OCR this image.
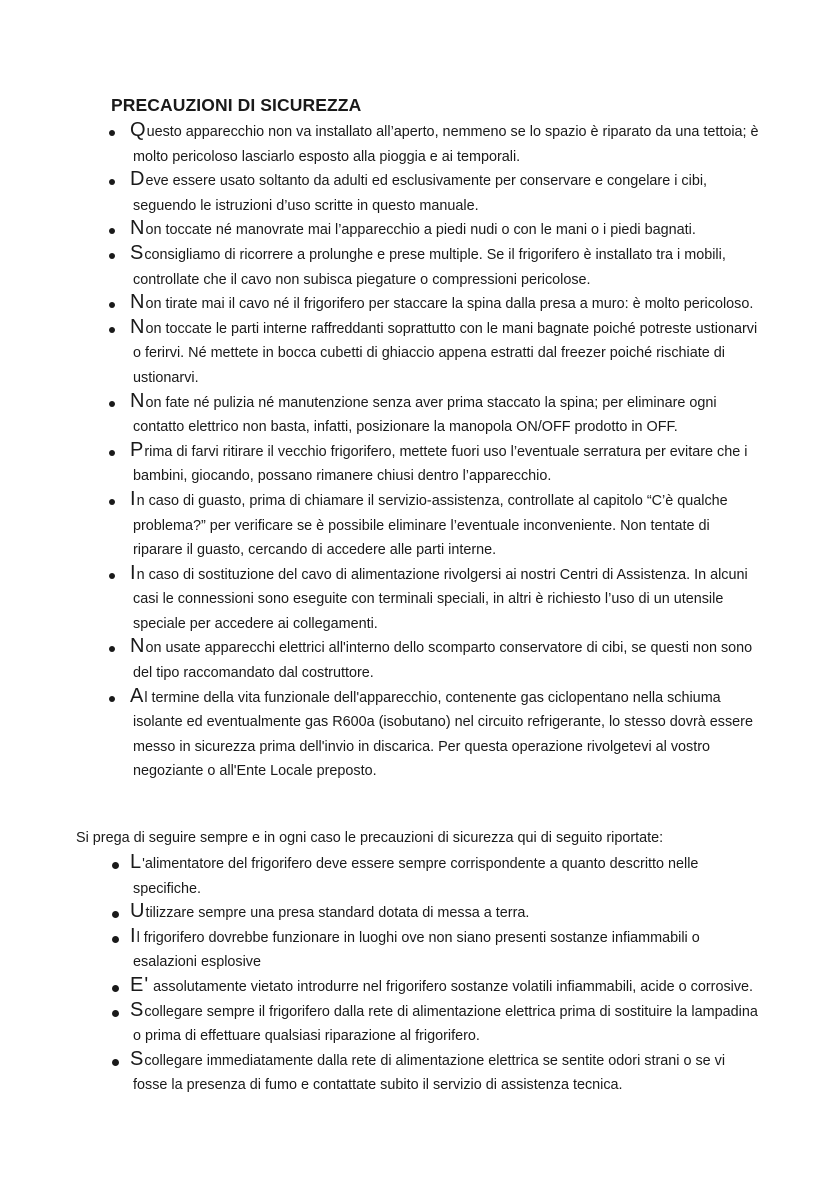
PRECAUZIONI DI SICUREZZA
Questo apparecchio non va installato all’aperto, nemmeno se lo spazio è riparato da una tettoia; è molto pericoloso lasciarlo esposto alla pioggia e ai temporali.
Deve essere usato soltanto da adulti ed esclusivamente per conservare e congelare i cibi, seguendo le istruzioni d’uso scritte in questo manuale.
Non toccate né manovrate mai l’apparecchio a piedi nudi o con le mani o i piedi bagnati.
Sconsigliamo di ricorrere a prolunghe e prese multiple. Se il frigorifero è installato tra i mobili, controllate che il cavo non subisca piegature o compressioni pericolose.
Non tirate mai il cavo né il frigorifero per staccare la spina dalla presa a muro: è molto pericoloso.
Non toccate le parti interne raffreddanti soprattutto con le mani bagnate poiché potreste ustionarvi o ferirvi. Né mettete in bocca cubetti di ghiaccio appena estratti dal freezer poiché rischiate di ustionarvi.
Non fate né pulizia né manutenzione senza aver prima staccato la spina; per eliminare ogni contatto elettrico non basta, infatti, posizionare la manopola ON/OFF prodotto in OFF.
Prima di farvi ritirare il vecchio frigorifero, mettete fuori uso l’eventuale serratura per evitare che i bambini, giocando, possano rimanere chiusi dentro l’apparecchio.
In caso di guasto, prima di chiamare il servizio-assistenza, controllate al capitolo “C’è qualche problema?” per verificare se è possibile eliminare l’eventuale inconveniente. Non tentate di riparare il guasto, cercando di accedere alle parti interne.
In caso di sostituzione del cavo di alimentazione rivolgersi ai nostri Centri di Assistenza. In alcuni casi le connessioni sono eseguite con terminali speciali, in altri è richiesto l’uso di un utensile speciale per accedere ai collegamenti.
Non usate apparecchi elettrici all'interno dello scomparto conservatore di cibi, se questi non sono del tipo raccomandato dal costruttore.
Al termine della vita funzionale dell'apparecchio, contenente gas ciclopentano nella schiuma isolante ed eventualmente gas R600a (isobutano) nel circuito refrigerante, lo stesso dovrà essere messo in sicurezza prima dell'invio in discarica. Per questa operazione rivolgetevi al vostro negoziante o all'Ente Locale preposto.

Si prega di seguire sempre e in ogni caso le precauzioni di sicurezza qui di seguito riportate:

L'alimentatore del frigorifero deve essere sempre corrispondente a quanto descritto nelle specifiche.
Utilizzare sempre una presa standard dotata di messa a terra.
Il frigorifero dovrebbe funzionare in luoghi ove non siano presenti sostanze infiammabili o esalazioni esplosive
E' assolutamente vietato introdurre nel frigorifero sostanze volatili infiammabili, acide o corrosive.
Scollegare sempre il frigorifero dalla rete di alimentazione elettrica prima di sostituire la lampadina o prima di effettuare qualsiasi riparazione al frigorifero.
Scollegare immediatamente dalla rete di alimentazione elettrica se sentite odori strani o se vi fosse la presenza di fumo e contattate subito il servizio di assistenza tecnica.
